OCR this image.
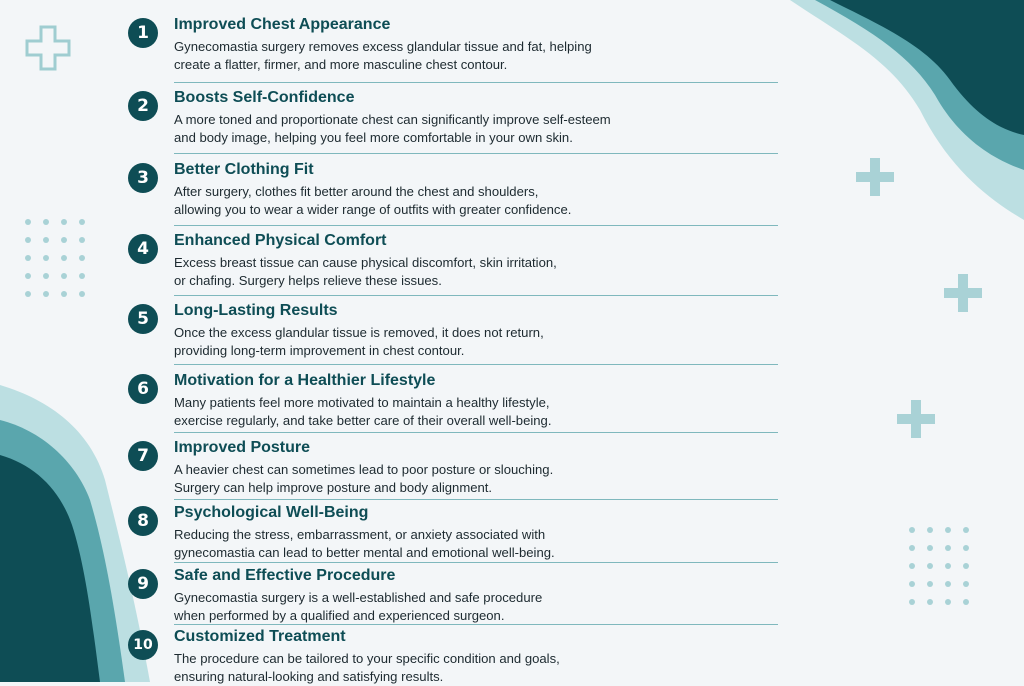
1	Improved Chest Appearance
Gynecomastia surgery removes excess glandular tissue and fat, helping
create a flatter, firmer, and more masculine chest contour.
2	Boosts Self-Confidence
A more toned and proportionate chest can significantly improve self-esteem
and body image, helping you feel more comfortable in your own skin.
3	Better Clothing Fit
After surgery, clothes fit better around the chest and shoulders,
allowing you to wear a wider range of outfits with greater confidence.
4	Enhanced Physical Comfort
Excess breast tissue can cause physical discomfort, skin irritation,
or chafing. Surgery helps relieve these issues.
5	Long-Lasting Results
Once the excess glandular tissue is removed, it does not return,
providing long-term improvement in chest contour.
6	Motivation for a Healthier Lifestyle
Many patients feel more motivated to maintain a healthy lifestyle,
exercise regularly, and take better care of their overall well-being.
7	Improved Posture
A heavier chest can sometimes lead to poor posture or slouching.
Surgery can help improve posture and body alignment.
8	Psychological Well-Being
Reducing the stress, embarrassment, or anxiety associated with
gynecomastia can lead to better mental and emotional well-being.
9	Safe and Effective Procedure
Gynecomastia surgery is a well-established and safe procedure
when performed by a qualified and experienced surgeon.
10	Customized Treatment
The procedure can be tailored to your specific condition and goals,
ensuring natural-looking and satisfying results.
